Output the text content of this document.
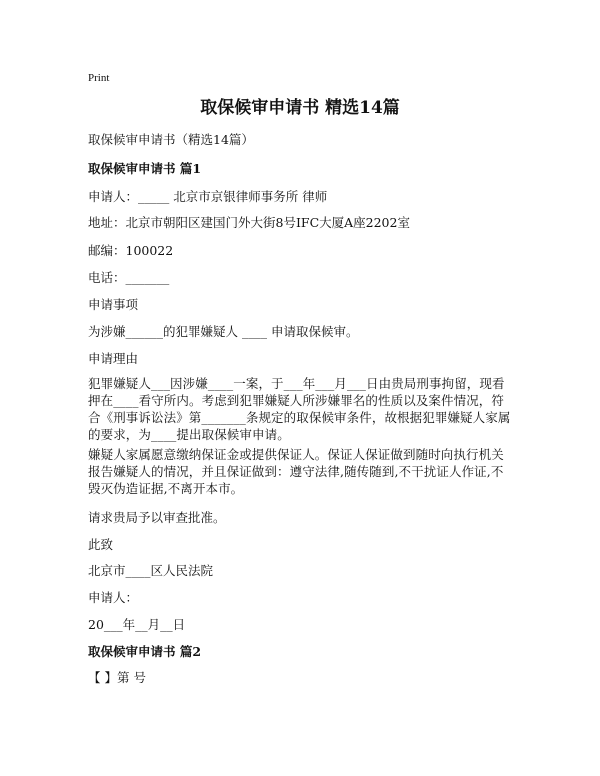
Print
取保候审申请书 精选14篇
取保候审申请书（精选14篇）
取保候审申请书 篇1
申请人：_____ 北京市京银律师事务所 律师
地址：北京市朝阳区建国门外大街8号IFC大厦A座2202室
邮编：100022
电话：_______
申请事项
为涉嫌______的犯罪嫌疑人 ____ 申请取保候审。
申请理由
犯罪嫌疑人___因涉嫌____一案，于___年___月___日由贵局刑事拘留，现看押在____看守所内。考虑到犯罪嫌疑人所涉嫌罪名的性质以及案件情况，符合《刑事诉讼法》第_______条规定的取保候审条件，故根据犯罪嫌疑人家属的要求，为____提出取保候审申请。
嫌疑人家属愿意缴纳保证金或提供保证人。保证人保证做到随时向执行机关报告嫌疑人的情况，并且保证做到：遵守法律,随传随到,不干扰证人作证,不毁灭伪造证据,不离开本市。
请求贵局予以审查批准。
此致
北京市____区人民法院
申请人：
20___年__月__日
取保候审申请书 篇2
【 】第 号
